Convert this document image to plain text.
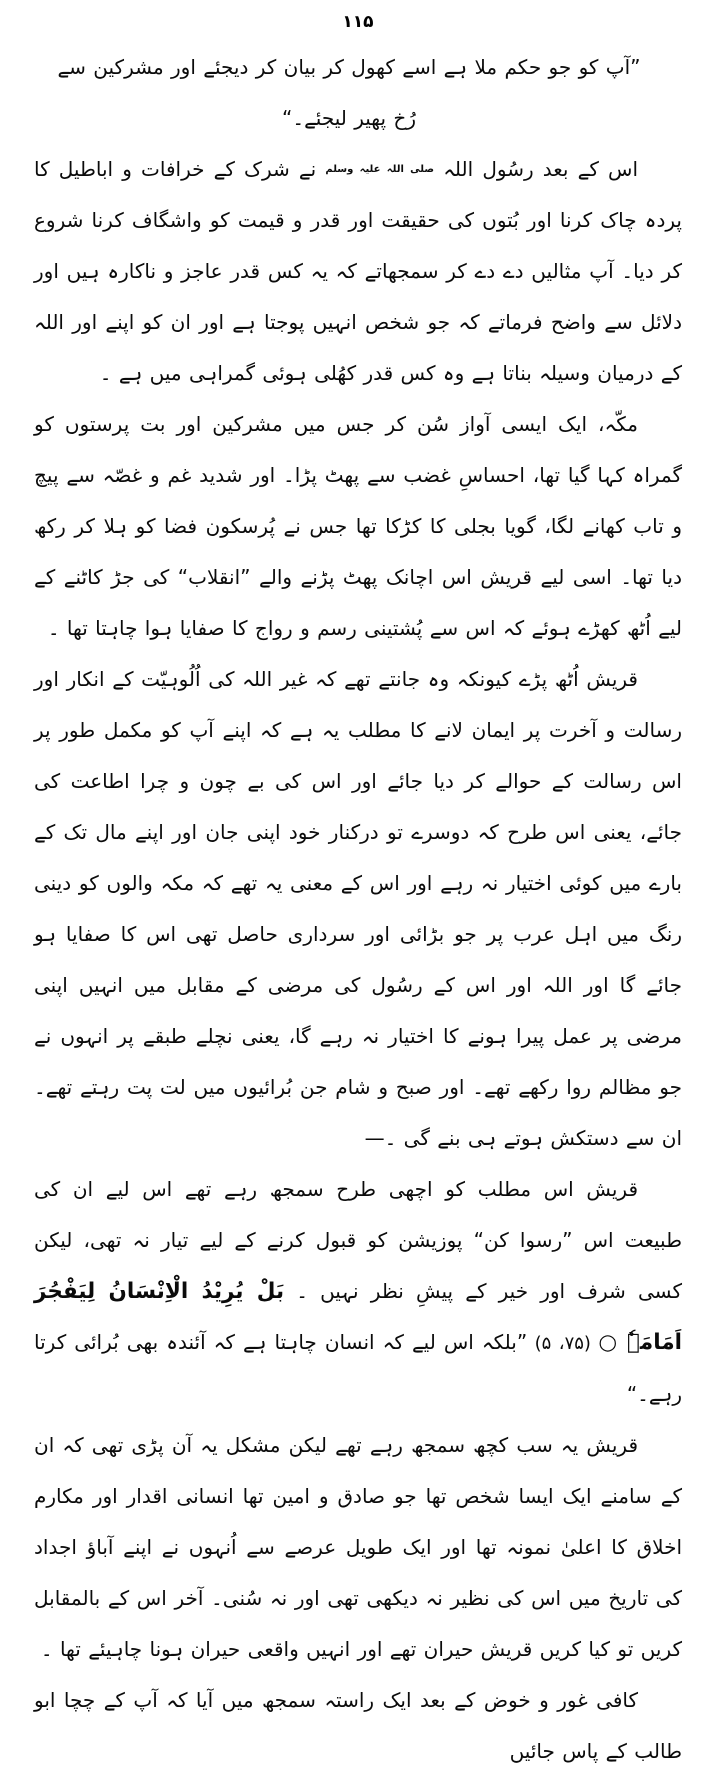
۱۱۵

”آپ کو جو حکم ملا ہے اسے کھول کر بیان کر دیجئے اور مشرکین سے رُخ پھیر لیجئے۔“

اس کے بعد رسُول اللہ $^{صلی اللہ علیہ وسلم}$ نے شرک کے خرافات و اباطیل کا پردہ چاک کرنا اور بُتوں کی حقیقت اور قدر و قیمت کو واشگاف کرنا شروع کر دیا۔ آپ مثالیں دے دے کر سمجھاتے کہ یہ کس قدر عاجز و ناکارہ ہیں اور دلائل سے واضح فرماتے کہ جو شخص انہیں پوجتا ہے اور ان کو اپنے اور اللہ کے درمیان وسیلہ بناتا ہے وہ کس قدر کھُلی ہوئی گمراہی میں ہے ۔

مکّہ، ایک ایسی آواز سُن کر جس میں مشرکین اور بت پرستوں کو گمراہ کہا گیا تھا، احساسِ غضب سے پھٹ پڑا۔ اور شدید غم و غصّہ سے پیچ و تاب کھانے لگا، گویا بجلی کا کڑکا تھا جس نے پُرسکون فضا کو ہلا کر رکھ دیا تھا۔ اسی لیے قریش اس اچانک پھٹ پڑنے والے ”انقلاب“ کی جڑ کاٹنے کے لیے اُٹھ کھڑے ہوئے کہ اس سے پُشتینی رسم و رواج کا صفایا ہوا چاہتا تھا ۔

قریش اُٹھ پڑے کیونکہ وہ جانتے تھے کہ غیر اللہ کی اُلُوہیّت کے انکار اور رسالت و آخرت پر ایمان لانے کا مطلب یہ ہے کہ اپنے آپ کو مکمل طور پر اس رسالت کے حوالے کر دیا جائے اور اس کی بے چون و چرا اطاعت کی جائے، یعنی اس طرح کہ دوسرے تو درکنار خود اپنی جان اور اپنے مال تک کے بارے میں کوئی اختیار نہ رہے اور اس کے معنی یہ تھے کہ مکہ والوں کو دینی رنگ میں اہل عرب پر جو بڑائی اور سرداری حاصل تھی اس کا صفایا ہو جائے گا اور اللہ اور اس کے رسُول کی مرضی کے مقابل میں انہیں اپنی مرضی پر عمل پیرا ہونے کا اختیار نہ رہے گا، یعنی نچلے طبقے پر انہوں نے جو مظالم روا رکھے تھے۔ اور صبح و شام جن بُرائیوں میں لت پت رہتے تھے۔ ان سے دستکش ہوتے ہی بنے گی ۔—

قریش اس مطلب کو اچھی طرح سمجھ رہے تھے اس لیے ان کی طبیعت اس ”رسوا کن“ پوزیشن کو قبول کرنے کے لیے تیار نہ تھی، لیکن کسی شرف اور خیر کے پیشِ نظر نہیں ۔ بَلْ یُرِیْدُ الْاِنْسَانُ لِیَفْجُرَ اَمَامَہٗ ○ (۷۵، ۵) ”بلکہ اس لیے کہ انسان چاہتا ہے کہ آئندہ بھی بُرائی کرتا رہے۔“

قریش یہ سب کچھ سمجھ رہے تھے لیکن مشکل یہ آن پڑی تھی کہ ان کے سامنے ایک ایسا شخص تھا جو صادق و امین تھا انسانی اقدار اور مکارم اخلاق کا اعلیٰ نمونہ تھا اور ایک طویل عرصے سے اُنہوں نے اپنے آباؤ اجداد کی تاریخ میں اس کی نظیر نہ دیکھی تھی اور نہ سُنی۔ آخر اس کے بالمقابل کریں تو کیا کریں قریش حیران تھے اور انہیں واقعی حیران ہونا چاہیئے تھا ۔

کافی غور و خوض کے بعد ایک راستہ سمجھ میں آیا کہ آپ کے چچا ابو طالب کے پاس جائیں
